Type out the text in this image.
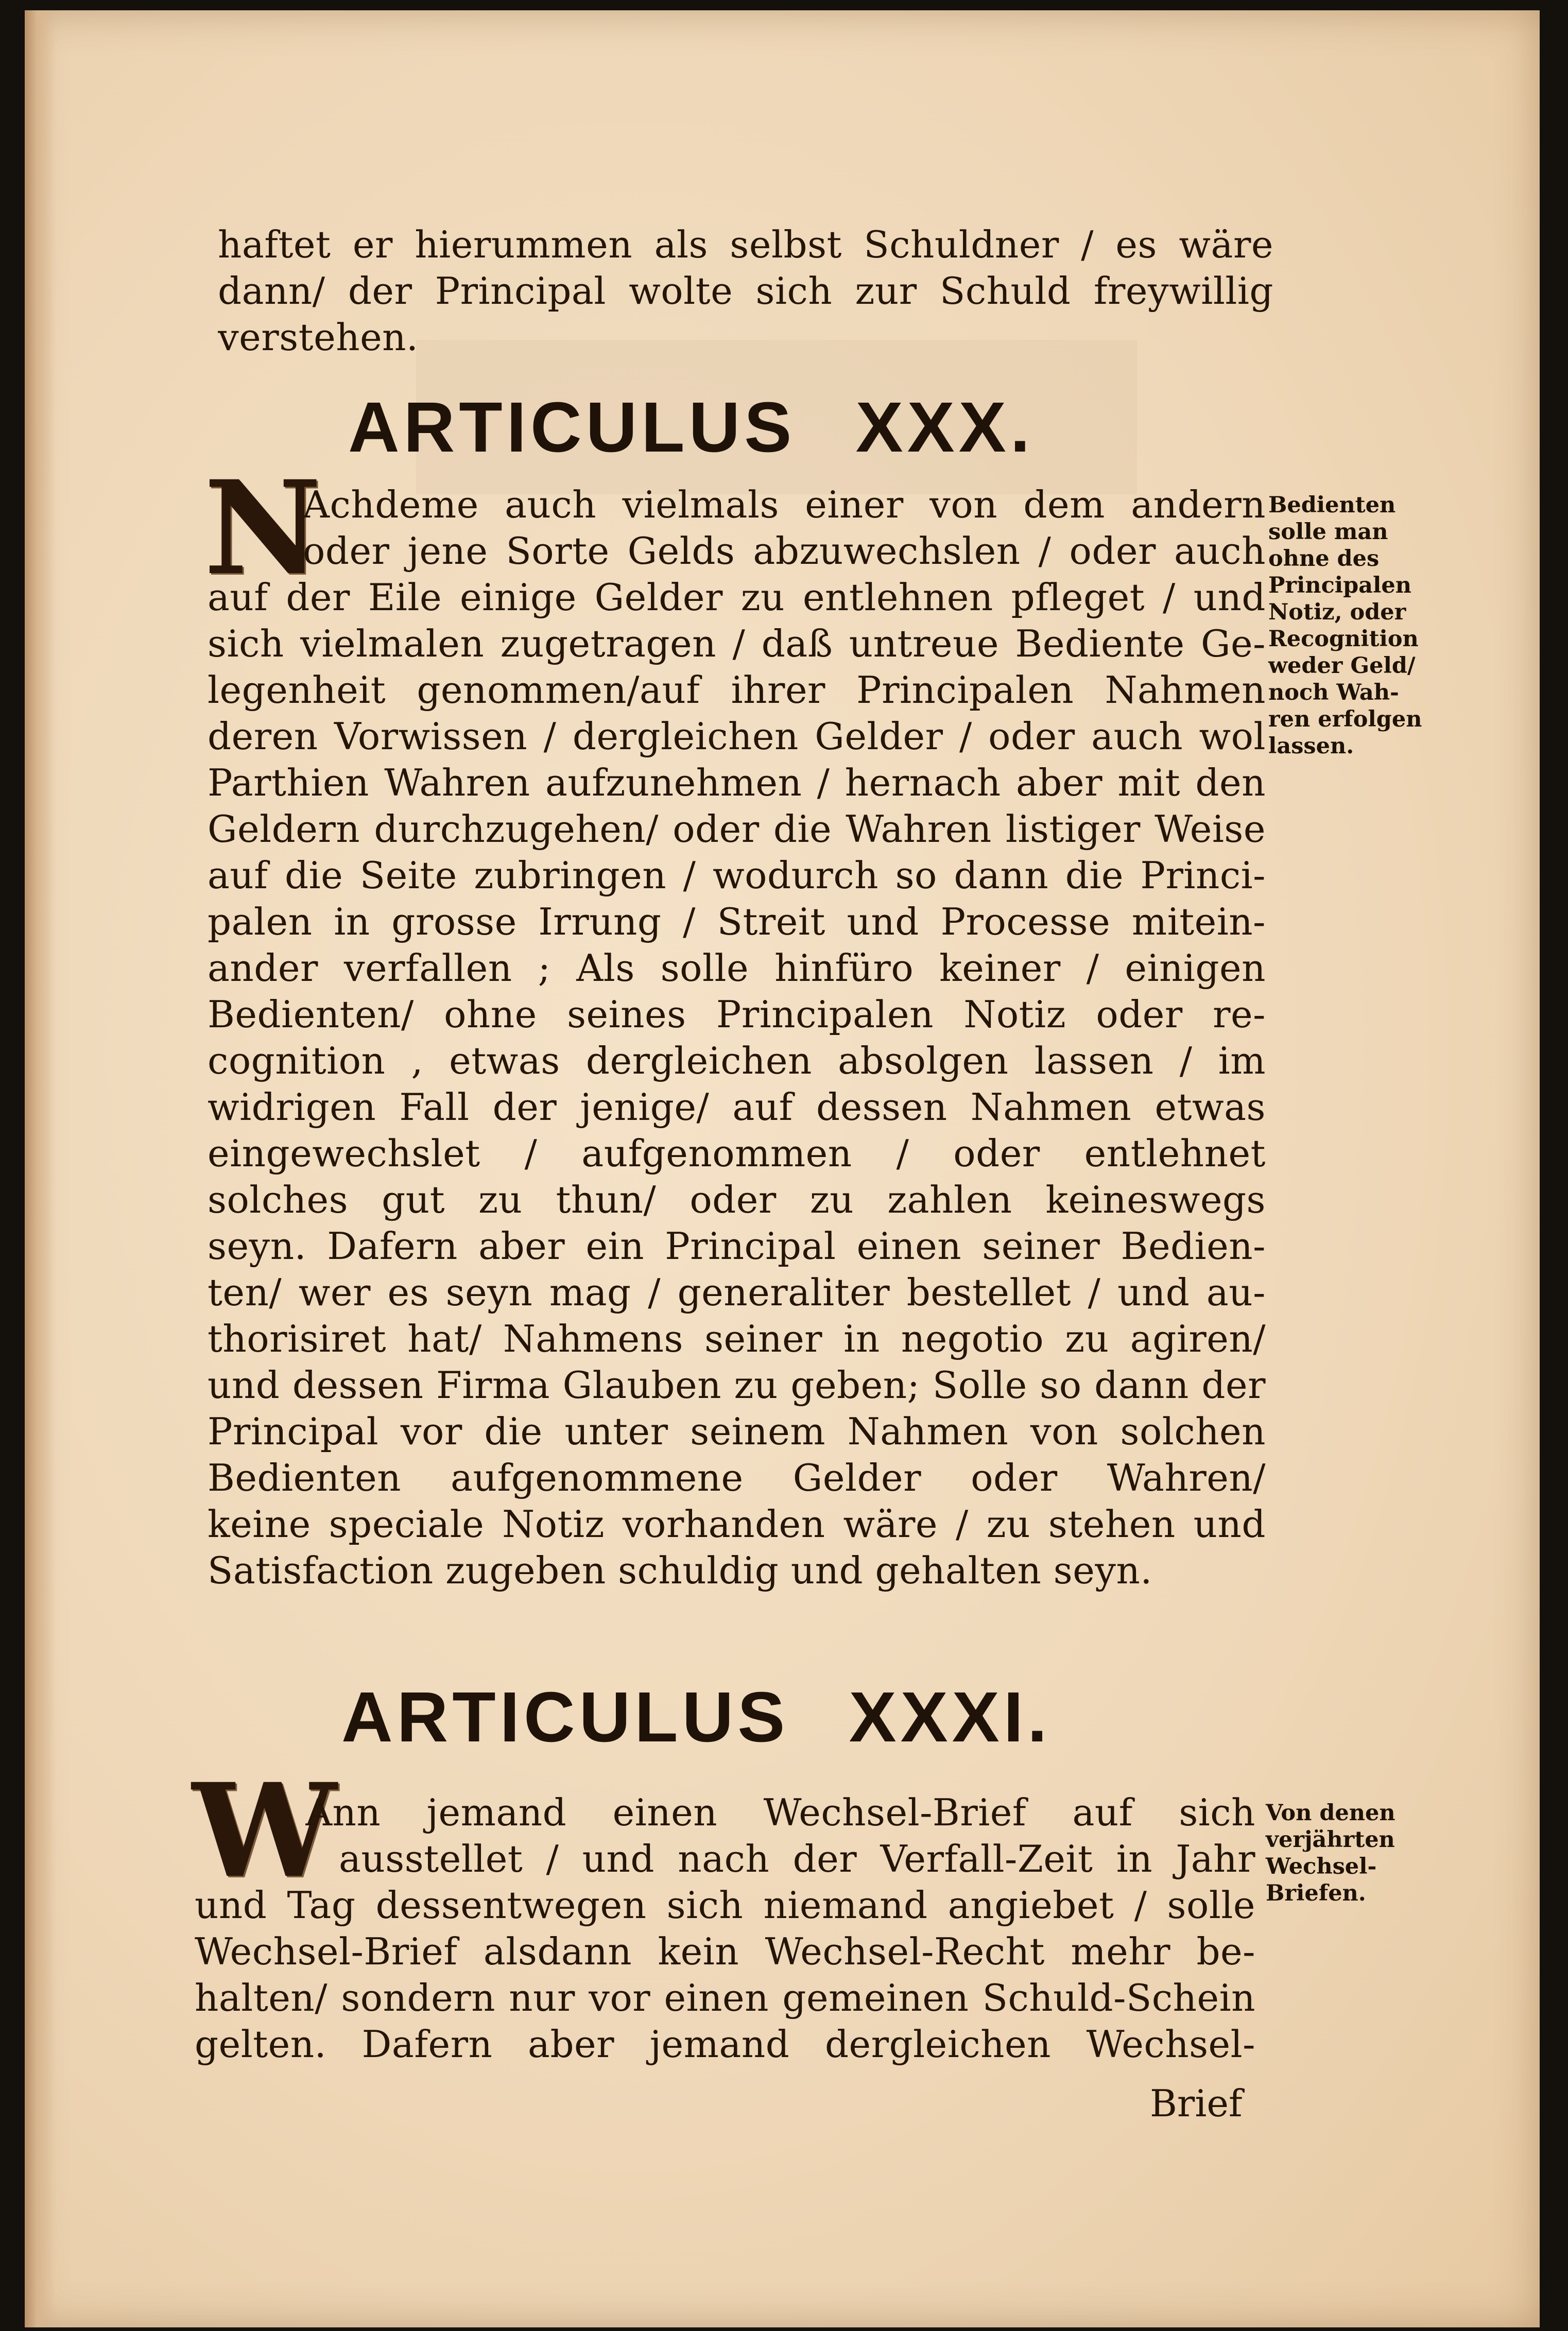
haftet er hierummen als selbst Schuldner / es wäre

dann/ der Principal wolte sich zur Schuld freywillig

verstehen.

ARTICULUS XXX.
N

Achdeme auch vielmals einer von dem andern

oder jene Sorte Gelds abzuwechslen / oder auch

auf der Eile einige Gelder zu entlehnen pfleget / und

sich vielmalen zugetragen / daß untreue Bediente Ge-

legenheit genommen/auf ihrer Principalen Nahmen

deren Vorwissen / dergleichen Gelder / oder auch wol

Parthien Wahren aufzunehmen / hernach aber mit den

Geldern durchzugehen/ oder die Wahren listiger Weise

auf die Seite zubringen / wodurch so dann die Princi-

palen in grosse Irrung / Streit und Processe mitein-

ander verfallen ; Als solle hinfüro keiner / einigen

Bedienten/ ohne seines Principalen Notiz oder re-

cognition , etwas dergleichen absolgen lassen / im

widrigen Fall der jenige/ auf dessen Nahmen etwas

eingewechslet / aufgenommen / oder entlehnet

solches gut zu thun/ oder zu zahlen keineswegs

seyn. Dafern aber ein Principal einen seiner Bedien-

ten/ wer es seyn mag / generaliter bestellet / und au-

thorisiret hat/ Nahmens seiner in negotio zu agiren/

und dessen Firma Glauben zu geben; Solle so dann der

Principal vor die unter seinem Nahmen von solchen

Bedienten aufgenommene Gelder oder Wahren/

keine speciale Notiz vorhanden wäre / zu stehen und

Satisfaction zugeben schuldig und gehalten seyn.

Bedienten

solle man

ohne des

Principalen

Notiz, oder

Recognition

weder Geld/

noch Wah-

ren erfolgen

lassen.

ARTICULUS XXXI.
W

Ann jemand einen Wechsel-Brief auf sich

ausstellet / und nach der Verfall-Zeit in Jahr

und Tag dessentwegen sich niemand angiebet / solle

Wechsel-Brief alsdann kein Wechsel-Recht mehr be-

halten/ sondern nur vor einen gemeinen Schuld-Schein

gelten. Dafern aber jemand dergleichen Wechsel-

Von denen

verjährten

Wechsel-

Briefen.

Brief
